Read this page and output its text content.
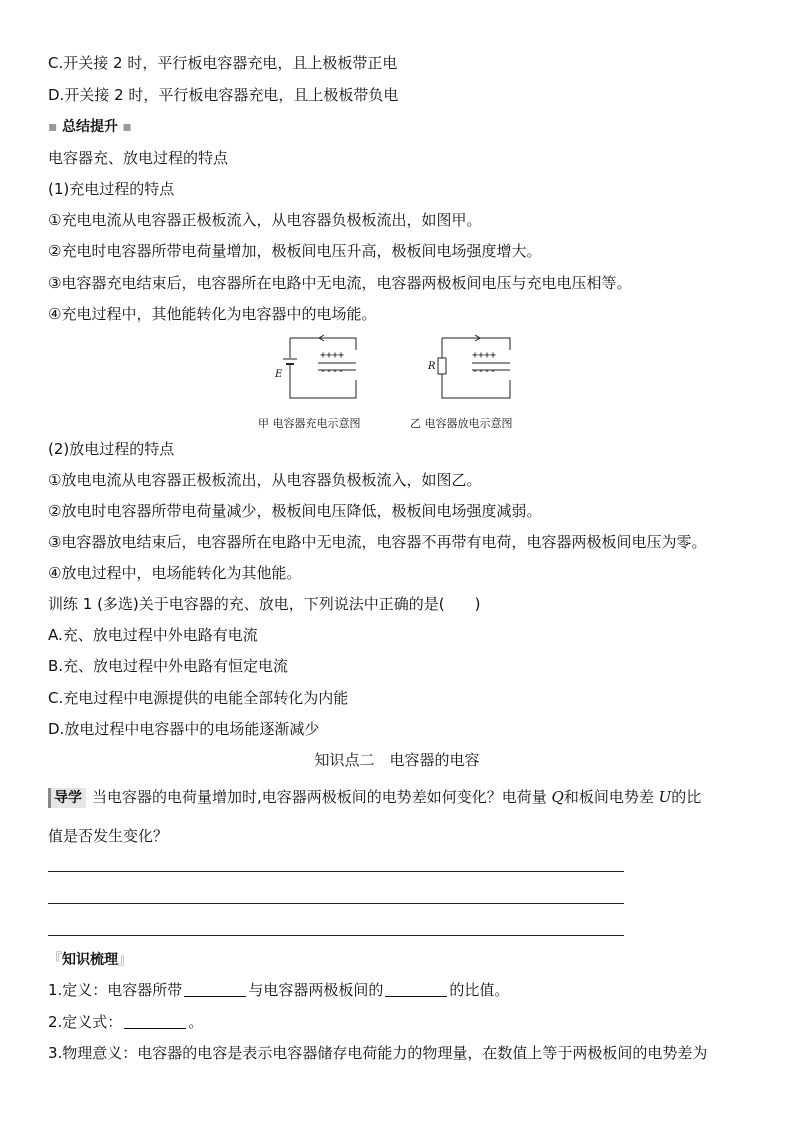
C.开关接 2 时，平行板电容器充电，且上极板带正电
D.开关接 2 时，平行板电容器充电，且上极板带负电
▪ 总结提升 ▪
电容器充、放电过程的特点
(1)充电过程的特点
①充电电流从电容器正极板流入，从电容器负极板流出，如图甲。
②充电时电容器所带电荷量增加，极板间电压升高，极板间电场强度增大。
③电容器充电结束后，电容器所在电路中无电流，电容器两极板间电压与充电电压相等。
④充电过程中，其他能转化为电容器中的电场能。
++++
----
E
++++
----
R
甲 电容器充电示意图	乙 电容器放电示意图
(2)放电过程的特点
①放电电流从电容器正极板流出，从电容器负极板流入，如图乙。
②放电时电容器所带电荷量减少，极板间电压降低，极板间电场强度减弱。
③电容器放电结束后，电容器所在电路中无电流，电容器不再带有电荷，电容器两极板间电压为零。
④放电过程中，电场能转化为其他能。
训练 1 (多选)关于电容器的充、放电，下列说法中正确的是(　　)
A.充、放电过程中外电路有电流
B.充、放电过程中外电路有恒定电流
C.充电过程中电源提供的电能全部转化为内能
D.放电过程中电容器中的电场能逐渐减少
知识点二　电容器的电容
导学 当电容器的电荷量增加时,电容器两极板间的电势差如何变化？电荷量 Q和板间电势差 U的比
值是否发生变化？
『知识梳理』
1.定义：电容器所带	与电容器两极板间的	的比值。
2.定义式：	。
3.物理意义：电容器的电容是表示电容器储存电荷能力的物理量，在数值上等于两极板间的电势差为
